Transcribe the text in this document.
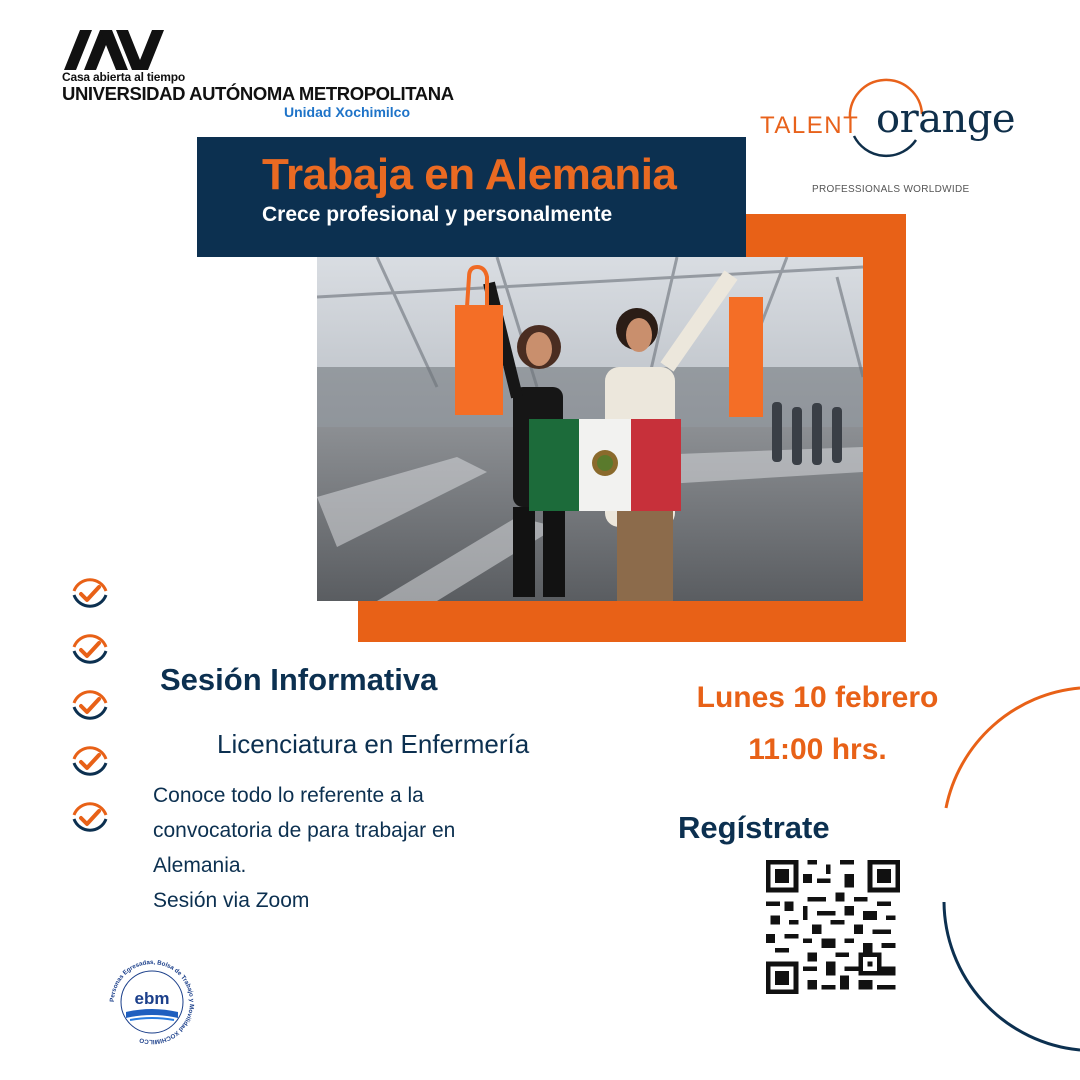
Casa abierta al tiempo
UNIVERSIDAD AUTÓNOMA METROPOLITANA
Unidad Xochimilco	TALENT orange
PROFESSIONALS WORLDWIDE
Trabaja en Alemania
Crece profesional y personalmente

Sesión Informativa
Licenciatura en Enfermería
Conoce todo lo referente a la
convocatoria de para trabajar en
Alemania.
Sesión via Zoom
Lunes 10 febrero
11:00 hrs.
Regístrate
Personas Egresadas, Bolsa de Trabajo y Movilidad XOCHIMILCO
ebm
